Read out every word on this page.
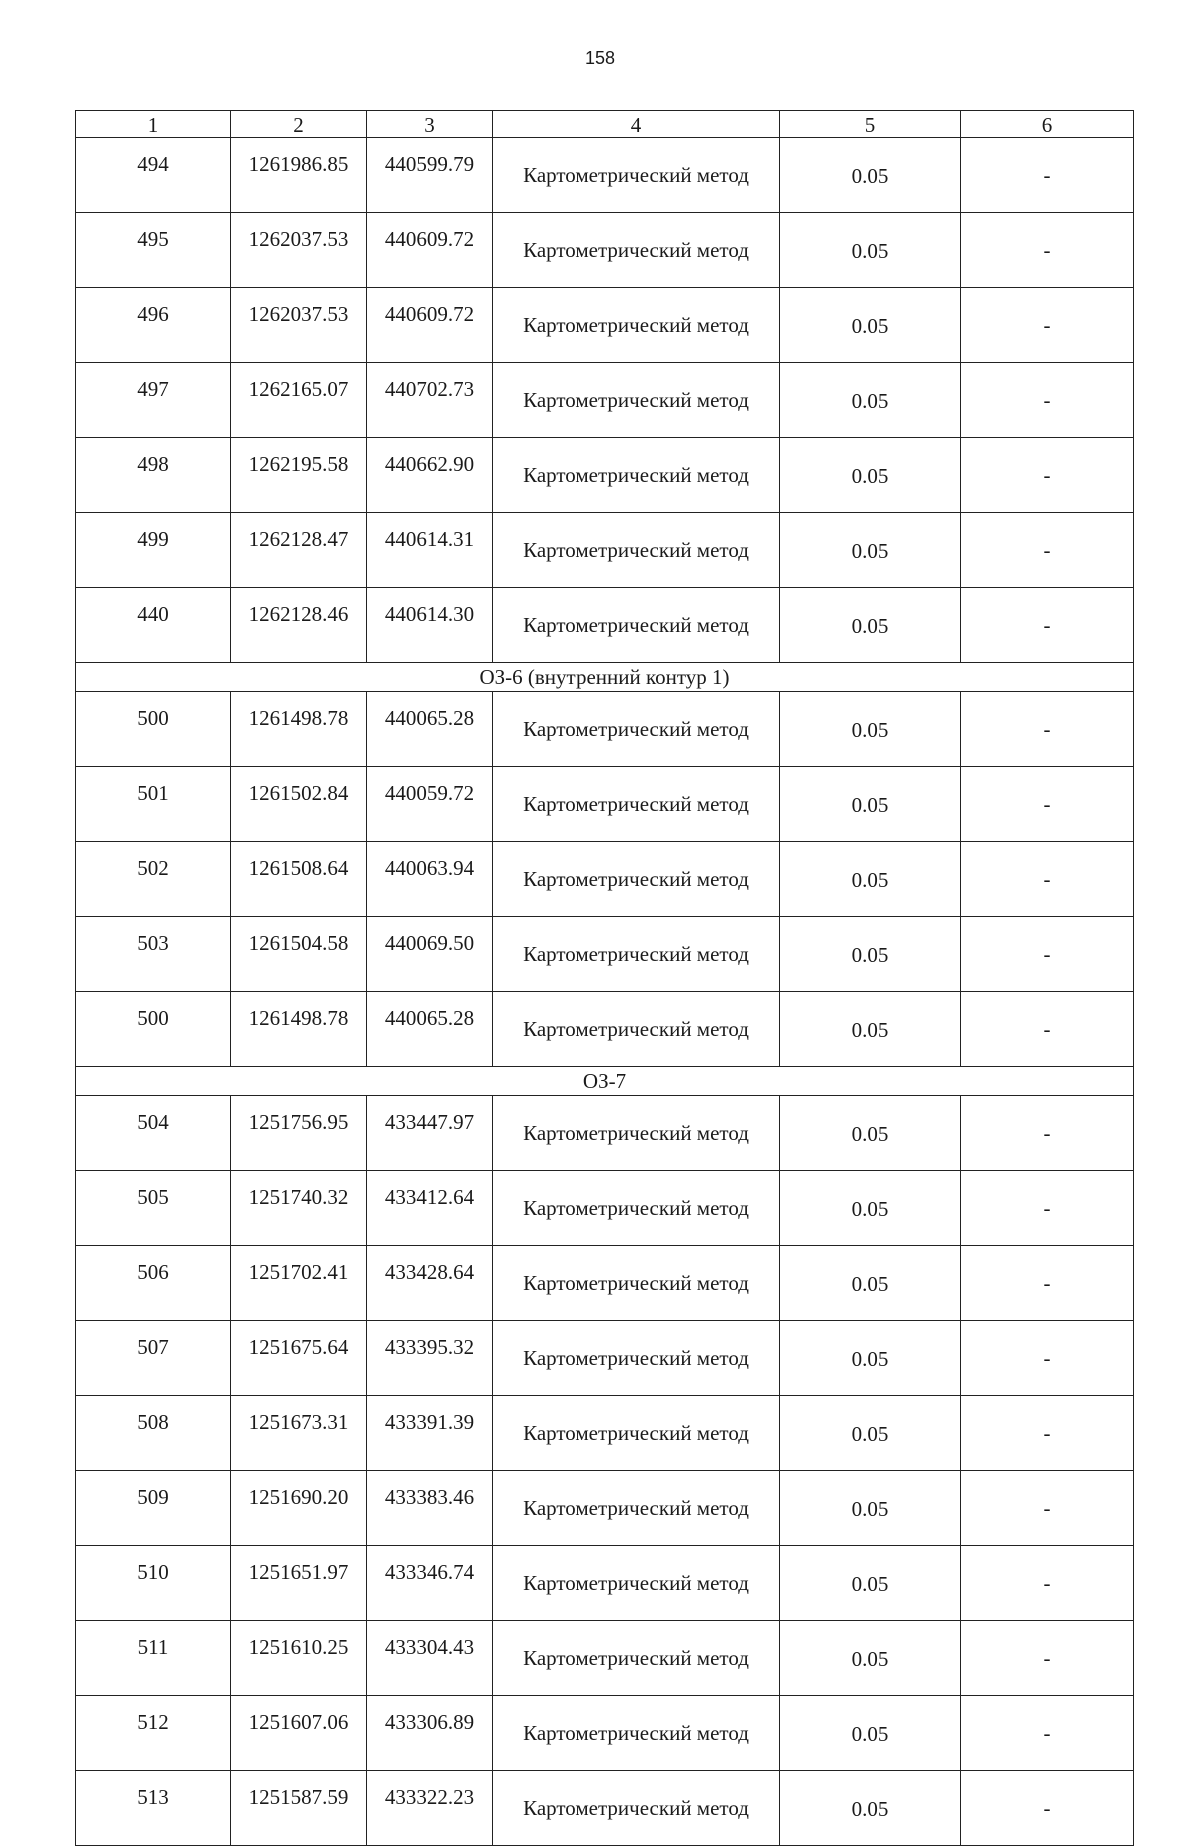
158
1	2	3	4	5	6
494	1261986.85	440599.79	Картометрический метод	0.05	-
495	1262037.53	440609.72	Картометрический метод	0.05	-
496	1262037.53	440609.72	Картометрический метод	0.05	-
497	1262165.07	440702.73	Картометрический метод	0.05	-
498	1262195.58	440662.90	Картометрический метод	0.05	-
499	1262128.47	440614.31	Картометрический метод	0.05	-
440	1262128.46	440614.30	Картометрический метод	0.05	-
ОЗ-6 (внутренний контур 1)					
500	1261498.78	440065.28	Картометрический метод	0.05	-
501	1261502.84	440059.72	Картометрический метод	0.05	-
502	1261508.64	440063.94	Картометрический метод	0.05	-
503	1261504.58	440069.50	Картометрический метод	0.05	-
500	1261498.78	440065.28	Картометрический метод	0.05	-
ОЗ-7					
504	1251756.95	433447.97	Картометрический метод	0.05	-
505	1251740.32	433412.64	Картометрический метод	0.05	-
506	1251702.41	433428.64	Картометрический метод	0.05	-
507	1251675.64	433395.32	Картометрический метод	0.05	-
508	1251673.31	433391.39	Картометрический метод	0.05	-
509	1251690.20	433383.46	Картометрический метод	0.05	-
510	1251651.97	433346.74	Картометрический метод	0.05	-
511	1251610.25	433304.43	Картометрический метод	0.05	-
512	1251607.06	433306.89	Картометрический метод	0.05	-
513	1251587.59	433322.23	Картометрический метод	0.05	-
